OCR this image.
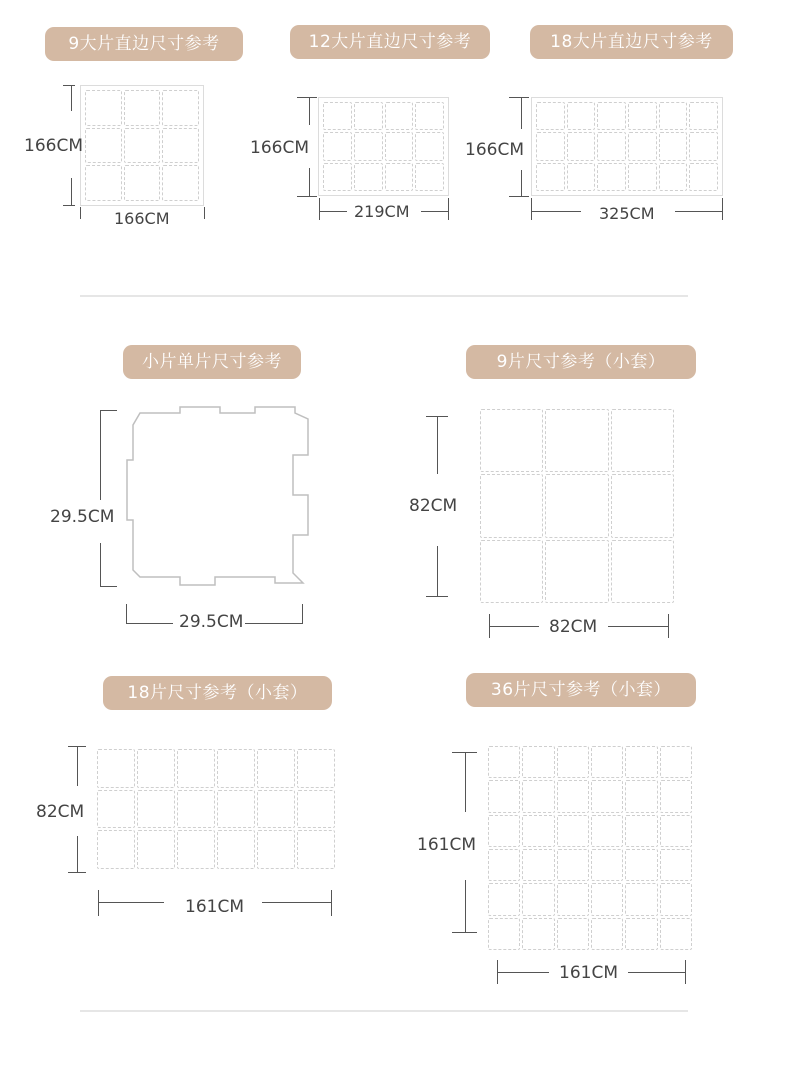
9大片直边尺寸参考	12大片直边尺寸参考	18大片直边尺寸参考
166CM
166CM
166CM
219CM
166CM
325CM
小片单片尺寸参考
29.5CM
29.5CM
9片尺寸参考（小套）
82CM
82CM
18片尺寸参考（小套）
82CM
161CM
36片尺寸参考（小套）
161CM
161CM
